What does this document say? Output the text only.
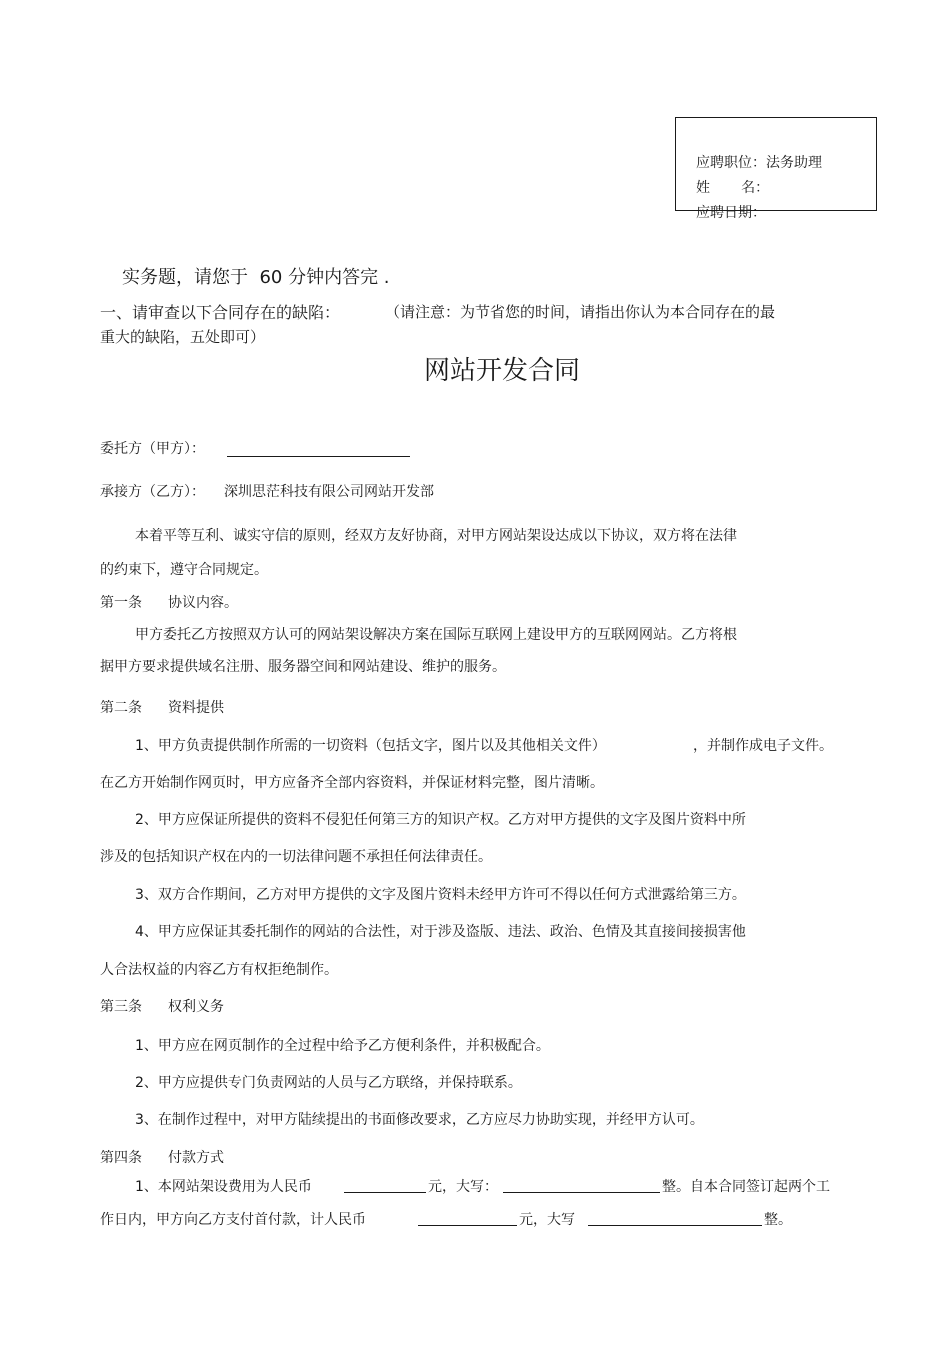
应聘职位：法务助理
姓       名：
应聘日期：
实务题，请您于  60 分钟内答完 .
一、请审查以下合同存在的缺陷：	（请注意：为节省您的时间，请指出你认为本合同存在的最
重大的缺陷，五处即可）
网站开发合同
委托方（甲方）：
承接方（乙方）： 深圳思茫科技有限公司网站开发部
本着平等互利、诚实守信的原则，经双方友好协商，对甲方网站架设达成以下协议，双方将在法律
的约束下，遵守合同规定。
第一条 协议内容。
甲方委托乙方按照双方认可的网站架设解决方案在国际互联网上建设甲方的互联网网站。乙方将根
据甲方要求提供域名注册、服务器空间和网站建设、维护的服务。
第二条 资料提供
1、甲方负责提供制作所需的一切资料（包括文字，图片以及其他相关文件）	，并制作成电子文件。
在乙方开始制作网页时，甲方应备齐全部内容资料，并保证材料完整，图片清晰。
2、甲方应保证所提供的资料不侵犯任何第三方的知识产权。乙方对甲方提供的文字及图片资料中所
涉及的包括知识产权在内的一切法律问题不承担任何法律责任。
3、双方合作期间，乙方对甲方提供的文字及图片资料未经甲方许可不得以任何方式泄露给第三方。
4、甲方应保证其委托制作的网站的合法性，对于涉及盗版、违法、政治、色情及其直接间接损害他
人合法权益的内容乙方有权拒绝制作。
第三条 权利义务
1、甲方应在网页制作的全过程中给予乙方便利条件，并积极配合。
2、甲方应提供专门负责网站的人员与乙方联络，并保持联系。
3、在制作过程中，对甲方陆续提出的书面修改要求，乙方应尽力协助实现，并经甲方认可。
第四条 付款方式
1、本网站架设费用为人民币	元，大写：	整。自本合同签订起两个工
作日内，甲方向乙方支付首付款，计人民币	元，大写	整。
